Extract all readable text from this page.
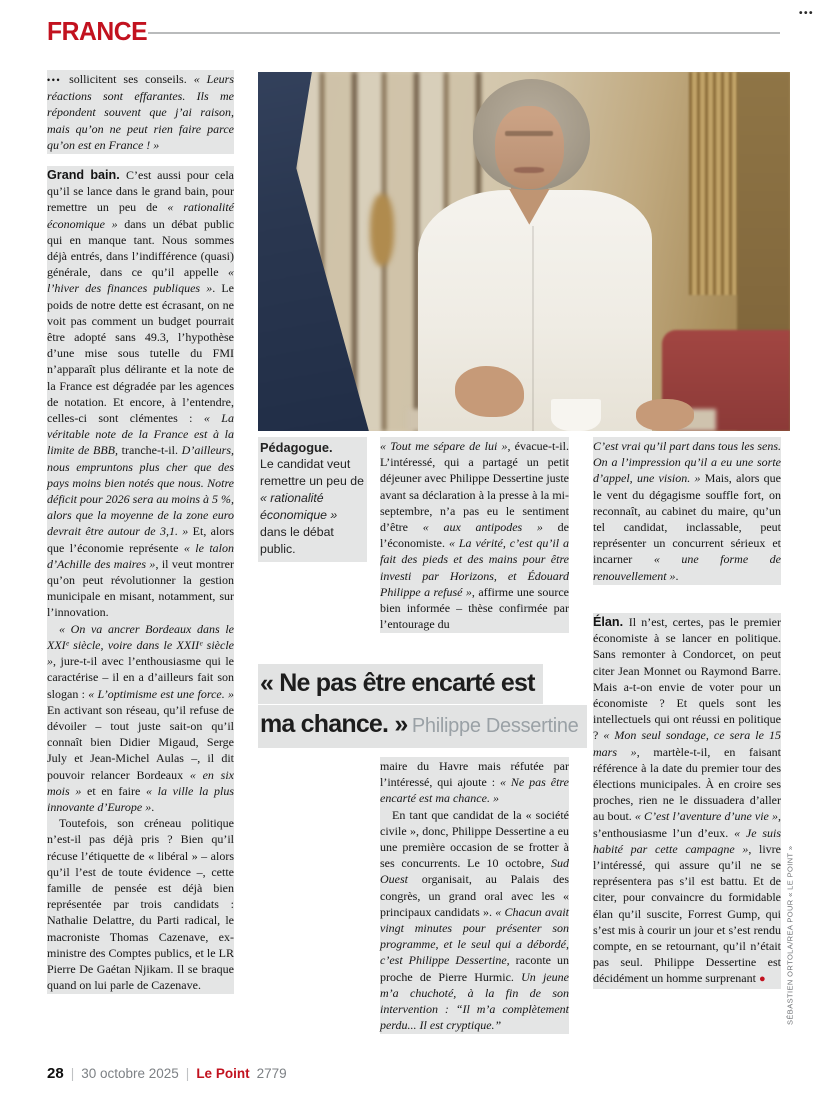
FRANCE
•••

••• sollicitent ses conseils. « Leurs réactions sont effarantes. Ils me répondent souvent que j’ai raison, mais qu’on ne peut rien faire parce qu’on est en France ! »

Pédagogue.

Le candidat veut remettre un peu de « rationalité économique » dans le débat public.

Grand bain. C’est aussi pour cela qu’il se lance dans le grand bain, pour remettre un peu de « rationalité économique » dans un débat public qui en manque tant. Nous sommes déjà entrés, dans l’indifférence (quasi) générale, dans ce qu’il appelle « l’hiver des finances publiques ». Le poids de notre dette est écrasant, on ne voit pas comment un budget pourrait être adopté sans 49.3, l’hypothèse d’une mise sous tutelle du FMI n’apparaît plus délirante et la note de la France est dégradée par les agences de notation. Et encore, à l’entendre, celles-ci sont clémentes : « La véritable note de la France est à la limite de BBB, tranche-t-il. D’ailleurs, nous empruntons plus cher que des pays moins bien notés que nous. Notre déficit pour 2026 sera au moins à 5 %, alors que la moyenne de la zone euro devrait être autour de 3,1. » Et, alors que l’économie représente « le talon d’Achille des maires », il veut montrer qu’on peut révolutionner la gestion municipale en misant, notamment, sur l’innovation.

« On va ancrer Bordeaux dans le XXIᵉ siècle, voire dans le XXIIᵉ siècle », jure-t-il avec l’enthousiasme qui le caractérise – il en a d’ailleurs fait son slogan : « L’optimisme est une force. » En activant son réseau, qu’il refuse de dévoiler – tout juste sait-on qu’il connaît bien Didier Migaud, Serge July et Jean-Michel Aulas –, il dit pouvoir relancer Bordeaux « en six mois » et en faire « la ville la plus innovante d’Europe ».

Toutefois, son créneau politique n’est-il pas déjà pris ? Bien qu’il récuse l’étiquette de « libéral » – alors qu’il l’est de toute évidence –, cette famille de pensée est déjà bien représentée par trois candidats : Nathalie Delattre, du Parti radical, le macroniste Thomas Cazenave, ex-ministre des Comptes publics, et le LR Pierre De Gaétan Njikam. Il se braque quand on lui parle de Cazenave.

« Tout me sépare de lui », évacue-t-il. L’intéressé, qui a partagé un petit déjeuner avec Philippe Dessertine juste avant sa déclaration à la presse à la mi-septembre, n’a pas eu le sentiment d’être « aux antipodes » de l’économiste. « La vérité, c’est qu’il a fait des pieds et des mains pour être investi par Horizons, et Édouard Philippe a refusé », affirme une source bien informée – thèse confirmée par l’entourage du

« Ne pas être encarté est
ma chance. » Philippe Dessertine

maire du Havre mais réfutée par l’intéressé, qui ajoute : « Ne pas être encarté est ma chance. »

En tant que candidat de la « société civile », donc, Philippe Dessertine a eu une première occasion de se frotter à ses concurrents. Le 10 octobre, Sud Ouest organisait, au Palais des congrès, un grand oral avec les « principaux candidats ». « Chacun avait vingt minutes pour présenter son programme, et le seul qui a débordé, c’est Philippe Dessertine, raconte un proche de Pierre Hurmic. Un jeune m’a chuchoté, à la fin de son intervention : “Il m’a complètement perdu... Il est cryptique.”

C’est vrai qu’il part dans tous les sens. On a l’impression qu’il a eu une sorte d’appel, une vision. » Mais, alors que le vent du dégagisme souffle fort, on reconnaît, au cabinet du maire, qu’un tel candidat, inclassable, peut représenter un concurrent sérieux et incarner « une forme de renouvellement ».

Élan. Il n’est, certes, pas le premier économiste à se lancer en politique. Sans remonter à Condorcet, on peut citer Jean Monnet ou Raymond Barre. Mais a-t-on envie de voter pour un économiste ? Et quels sont les intellectuels qui ont réussi en politique ? « Mon seul sondage, ce sera le 15 mars », martèle-t-il, en faisant référence à la date du premier tour des élections municipales. À en croire ses proches, rien ne le dissuadera d’aller au bout. « C’est l’aventure d’une vie », s’enthousiasme l’un d’eux. « Je suis habité par cette campagne », livre l’intéressé, qui assure qu’il ne se représentera pas s’il est battu. Et de citer, pour convaincre du formidable élan qu’il suscite, Forrest Gump, qui s’est mis à courir un jour et s’est rendu compte, en se retournant, qu’il n’était pas seul. Philippe Dessertine est décidément un homme surprenant ●	SÉBASTIEN ORTOLA/REA POUR « LE POINT »
28 | 30 octobre 2025 | Le Point 2779
